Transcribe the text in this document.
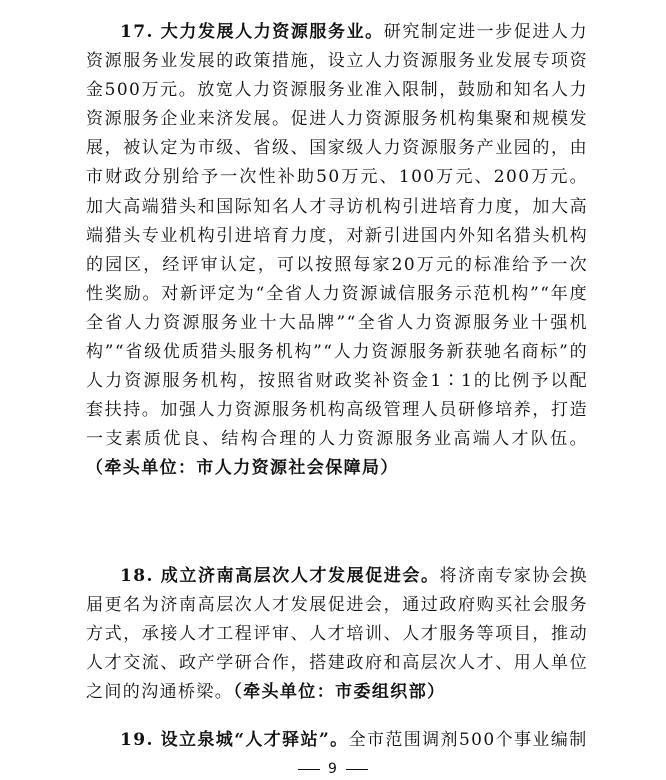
17. 大力发展人力资源服务业。研究制定进一步促进人力资源服务业发展的政策措施，设立人力资源服务业发展专项资金500万元。放宽人力资源服务业准入限制，鼓励和知名人力资源服务企业来济发展。促进人力资源服务机构集聚和规模发展，被认定为市级、省级、国家级人力资源服务产业园的，由市财政分别给予一次性补助50万元、100万元、200万元。加大高端猎头和国际知名人才寻访机构引进培育力度，加大高端猎头专业机构引进培育力度，对新引进国内外知名猎头机构的园区，经评审认定，可以按照每家20万元的标准给予一次性奖励。对新评定为“全省人力资源诚信服务示范机构”“年度全省人力资源服务业十大品牌”“全省人力资源服务业十强机构”“省级优质猎头服务机构”“人力资源服务新获驰名商标”的人力资源服务机构，按照省财政奖补资金1∶1的比例予以配套扶持。加强人力资源服务机构高级管理人员研修培养，打造一支素质优良、结构合理的人力资源服务业高端人才队伍。（牵头单位：市人力资源社会保障局）
18. 成立济南高层次人才发展促进会。将济南专家协会换届更名为济南高层次人才发展促进会，通过政府购买社会服务方式，承接人才工程评审、人才培训、人才服务等项目，推动人才交流、政产学研合作，搭建政府和高层次人才、用人单位之间的沟通桥梁。（牵头单位：市委组织部）
19. 设立泉城“人才驿站”。全市范围调剂500个事业编制
9
